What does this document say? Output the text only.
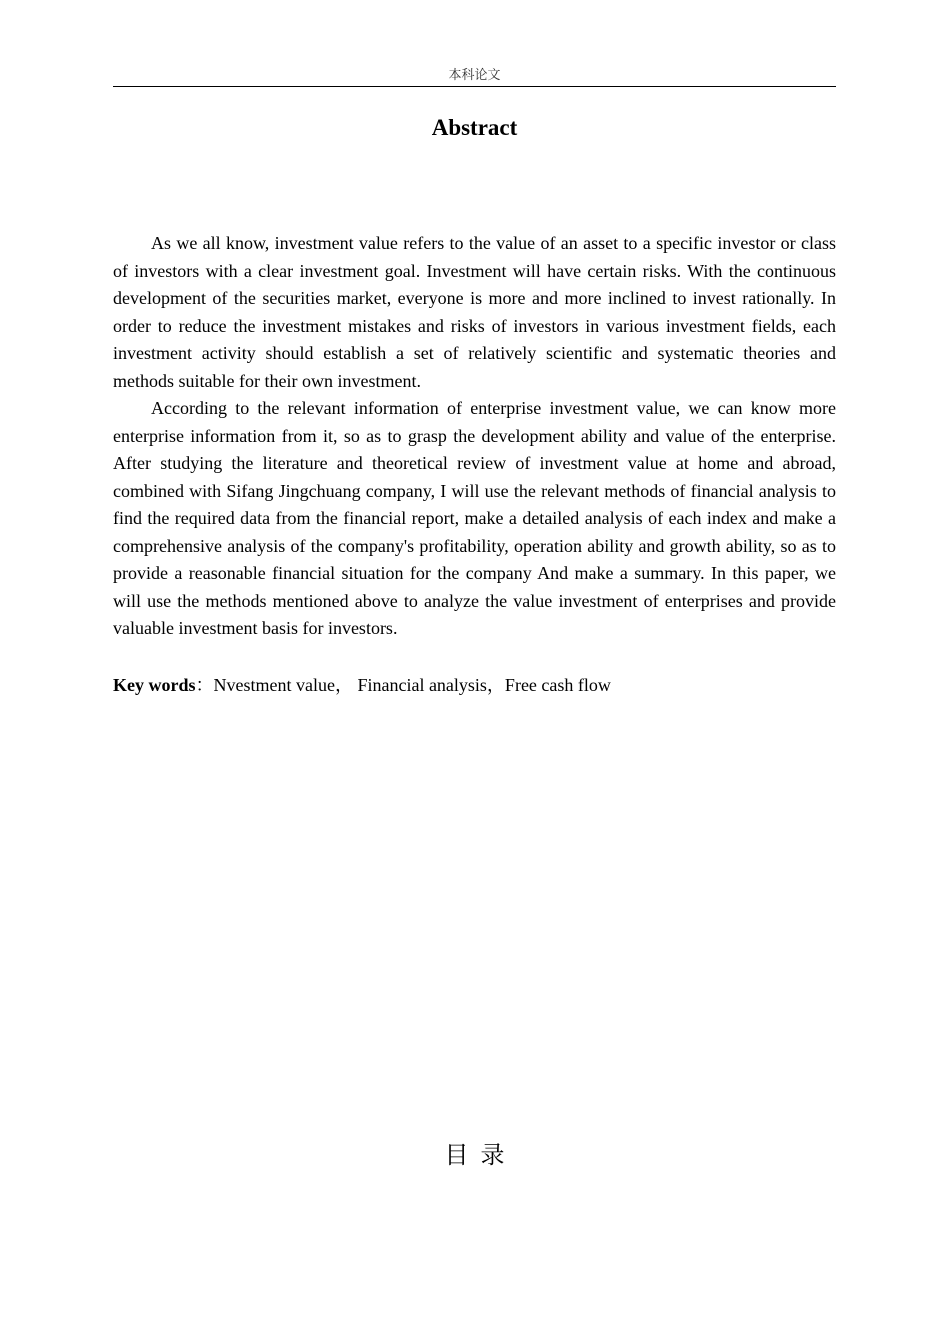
本科论文
Abstract

As we all know, investment value refers to the value of an asset to a specific investor or class of investors with a clear investment goal. Investment will have certain risks. With the continuous development of the securities market, everyone is more and more inclined to invest rationally. In order to reduce the investment mistakes and risks of investors in various investment fields, each investment activity should establish a set of relatively scientific and systematic theories and methods suitable for their own investment.

According to the relevant information of enterprise investment value, we can know more enterprise information from it, so as to grasp the development ability and value of the enterprise. After studying the literature and theoretical review of investment value at home and abroad, combined with Sifang Jingchuang company, I will use the relevant methods of financial analysis to find the required data from the financial report, make a detailed analysis of each index and make a comprehensive analysis of the company's profitability, operation ability and growth ability, so as to provide a reasonable financial situation for the company And make a summary. In this paper, we will use the methods mentioned above to analyze the value investment of enterprises and provide valuable investment basis for investors.

Key words：Nvestment value， Financial analysis，Free cash flow
目录
